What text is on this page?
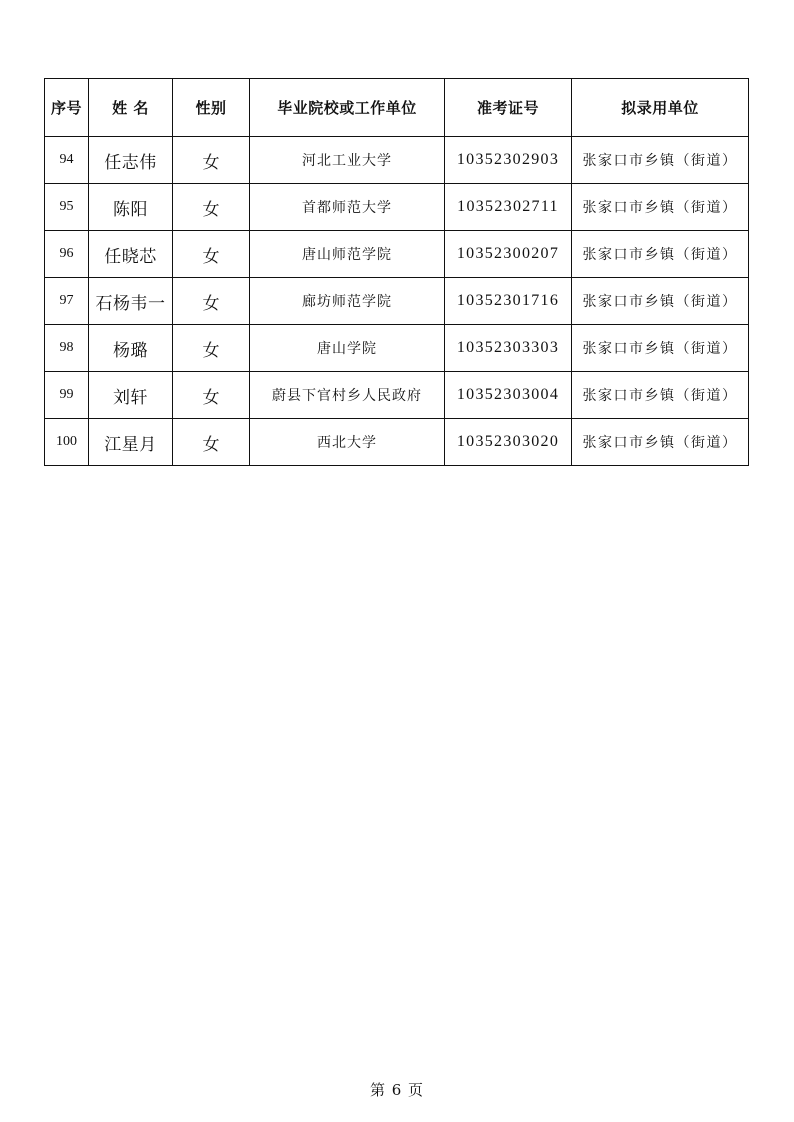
序号	姓 名	性别	毕业院校或工作单位	准考证号	拟录用单位
94	任志伟	女	河北工业大学	10352302903	张家口市乡镇（街道）
95	陈阳	女	首都师范大学	10352302711	张家口市乡镇（街道）
96	任晓芯	女	唐山师范学院	10352300207	张家口市乡镇（街道）
97	石杨韦一	女	廊坊师范学院	10352301716	张家口市乡镇（街道）
98	杨璐	女	唐山学院	10352303303	张家口市乡镇（街道）
99	刘轩	女	蔚县下官村乡人民政府	10352303004	张家口市乡镇（街道）
100	江星月	女	西北大学	10352303020	张家口市乡镇（街道）
第 6 页
